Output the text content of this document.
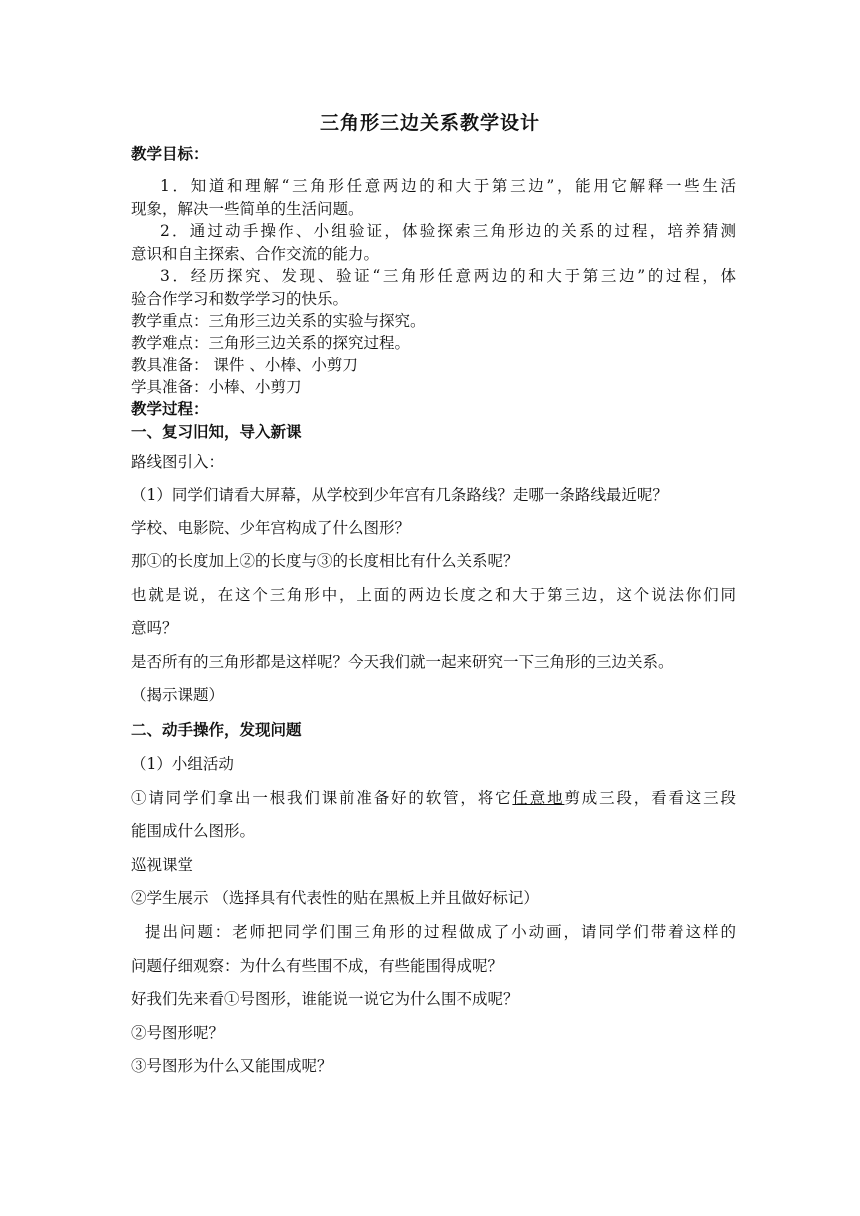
三角形三边关系教学设计
教学目标：
1．知道和理解“三角形任意两边的和大于第三边”，能用它解释一些生活
现象，解决一些简单的生活问题。
2．通过动手操作、小组验证，体验探索三角形边的关系的过程，培养猜测
意识和自主探索、合作交流的能力。
3．经历探究、发现、验证“三角形任意两边的和大于第三边”的过程，体
验合作学习和数学学习的快乐。
教学重点：三角形三边关系的实验与探究。
教学难点：三角形三边关系的探究过程。
教具准备： 课件 、小棒、小剪刀
学具准备：小棒、小剪刀
教学过程：
一、复习旧知，导入新课
路线图引入：
（1）同学们请看大屏幕，从学校到少年宫有几条路线？走哪一条路线最近呢？
学校、电影院、少年宫构成了什么图形？
那①的长度加上②的长度与③的长度相比有什么关系呢？
也就是说，在这个三角形中，上面的两边长度之和大于第三边，这个说法你们同
意吗？
是否所有的三角形都是这样呢？今天我们就一起来研究一下三角形的三边关系。
（揭示课题）
二、动手操作，发现问题
（1）小组活动
①请同学们拿出一根我们课前准备好的软管，将它任意地剪成三段，看看这三段
能围成什么图形。
巡视课堂
②学生展示 （选择具有代表性的贴在黑板上并且做好标记）
提出问题：老师把同学们围三角形的过程做成了小动画，请同学们带着这样的
问题仔细观察：为什么有些围不成，有些能围得成呢？
好我们先来看①号图形，谁能说一说它为什么围不成呢？
②号图形呢？
③号图形为什么又能围成呢？
